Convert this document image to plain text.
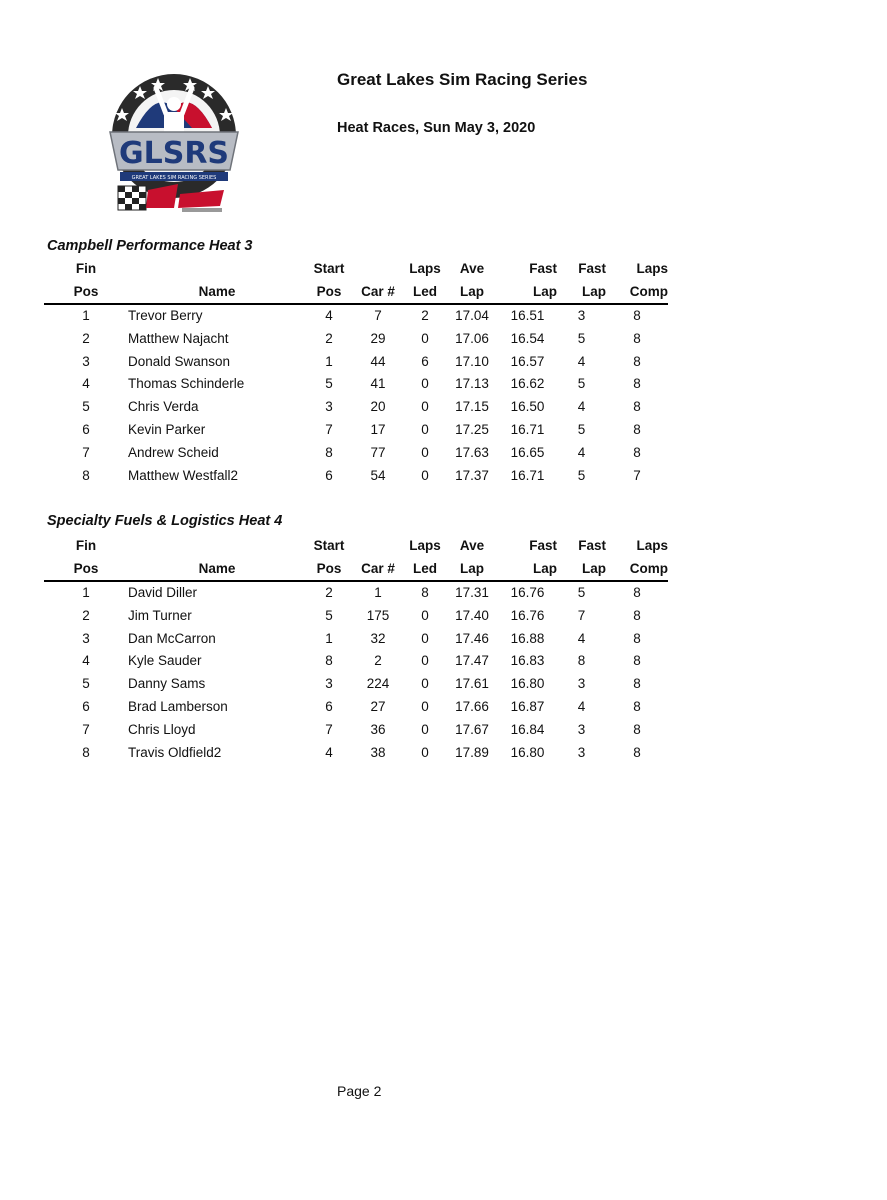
GLSRS
GREAT LAKES SIM RACING SERIES
Great Lakes Sim Racing Series
Heat Races, Sun May 3, 2020
Campbell Performance Heat 3
Fin		Start		Laps	Ave	Fast	Fast	Laps
Pos	Name	Pos	Car #	Led	Lap	Lap	Lap	Comp
1	Trevor Berry	4	7	2	17.04	16.51	3	8
2	Matthew Najacht	2	29	0	17.06	16.54	5	8
3	Donald Swanson	1	44	6	17.10	16.57	4	8
4	Thomas Schinderle	5	41	0	17.13	16.62	5	8
5	Chris Verda	3	20	0	17.15	16.50	4	8
6	Kevin Parker	7	17	0	17.25	16.71	5	8
7	Andrew Scheid	8	77	0	17.63	16.65	4	8
8	Matthew Westfall2	6	54	0	17.37	16.71	5	7
Specialty Fuels & Logistics Heat 4
Fin		Start		Laps	Ave	Fast	Fast	Laps
Pos	Name	Pos	Car #	Led	Lap	Lap	Lap	Comp
1	David Diller	2	1	8	17.31	16.76	5	8
2	Jim Turner	5	175	0	17.40	16.76	7	8
3	Dan McCarron	1	32	0	17.46	16.88	4	8
4	Kyle Sauder	8	2	0	17.47	16.83	8	8
5	Danny Sams	3	224	0	17.61	16.80	3	8
6	Brad Lamberson	6	27	0	17.66	16.87	4	8
7	Chris Lloyd	7	36	0	17.67	16.84	3	8
8	Travis Oldfield2	4	38	0	17.89	16.80	3	8
Page 2
